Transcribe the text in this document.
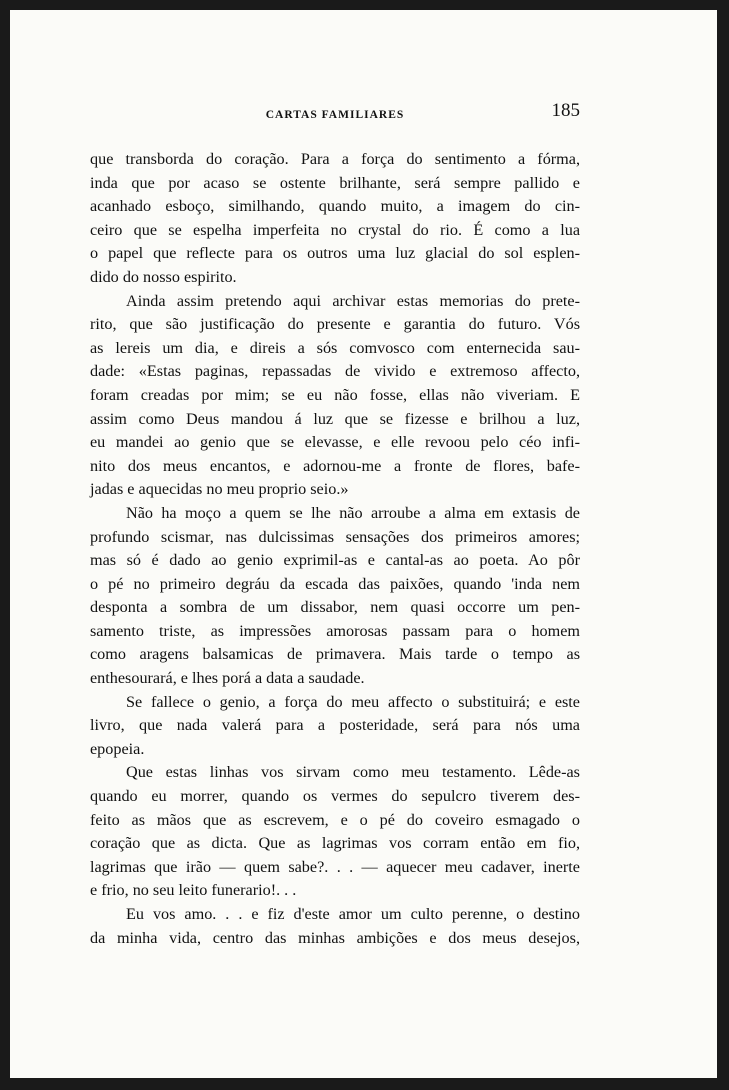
CARTAS FAMILIARES	185

que transborda do coração. Para a força do sentimento a fórma,

inda que por acaso se ostente brilhante, será sempre pallido e

acanhado esboço, similhando, quando muito, a imagem do cin-

ceiro que se espelha imperfeita no crystal do rio. É como a lua

o papel que reflecte para os outros uma luz glacial do sol esplen-

dido do nosso espirito.

Ainda assim pretendo aqui archivar estas memorias do prete-

rito, que são justificação do presente e garantia do futuro. Vós

as lereis um dia, e direis a sós comvosco com enternecida sau-

dade: «Estas paginas, repassadas de vivido e extremoso affecto,

foram creadas por mim; se eu não fosse, ellas não viveriam. E

assim como Deus mandou á luz que se fizesse e brilhou a luz,

eu mandei ao genio que se elevasse, e elle revoou pelo céo infi-

nito dos meus encantos, e adornou-me a fronte de flores, bafe-

jadas e aquecidas no meu proprio seio.»

Não ha moço a quem se lhe não arroube a alma em extasis de

profundo scismar, nas dulcissimas sensações dos primeiros amores;

mas só é dado ao genio exprimil-as e cantal-as ao poeta. Ao pôr

o pé no primeiro degráu da escada das paixões, quando 'inda nem

desponta a sombra de um dissabor, nem quasi occorre um pen-

samento triste, as impressões amorosas passam para o homem

como aragens balsamicas de primavera. Mais tarde o tempo as

enthesourará, e lhes porá a data a saudade.

Se fallece o genio, a força do meu affecto o substituirá; e este

livro, que nada valerá para a posteridade, será para nós uma

epopeia.

Que estas linhas vos sirvam como meu testamento. Lêde-as

quando eu morrer, quando os vermes do sepulcro tiverem des-

feito as mãos que as escrevem, e o pé do coveiro esmagado o

coração que as dicta. Que as lagrimas vos corram então em fio,

lagrimas que irão — quem sabe?. . . — aquecer meu cadaver, inerte

e frio, no seu leito funerario!. . .

Eu vos amo. . . e fiz d'este amor um culto perenne, o destino

da minha vida, centro das minhas ambições e dos meus desejos,
